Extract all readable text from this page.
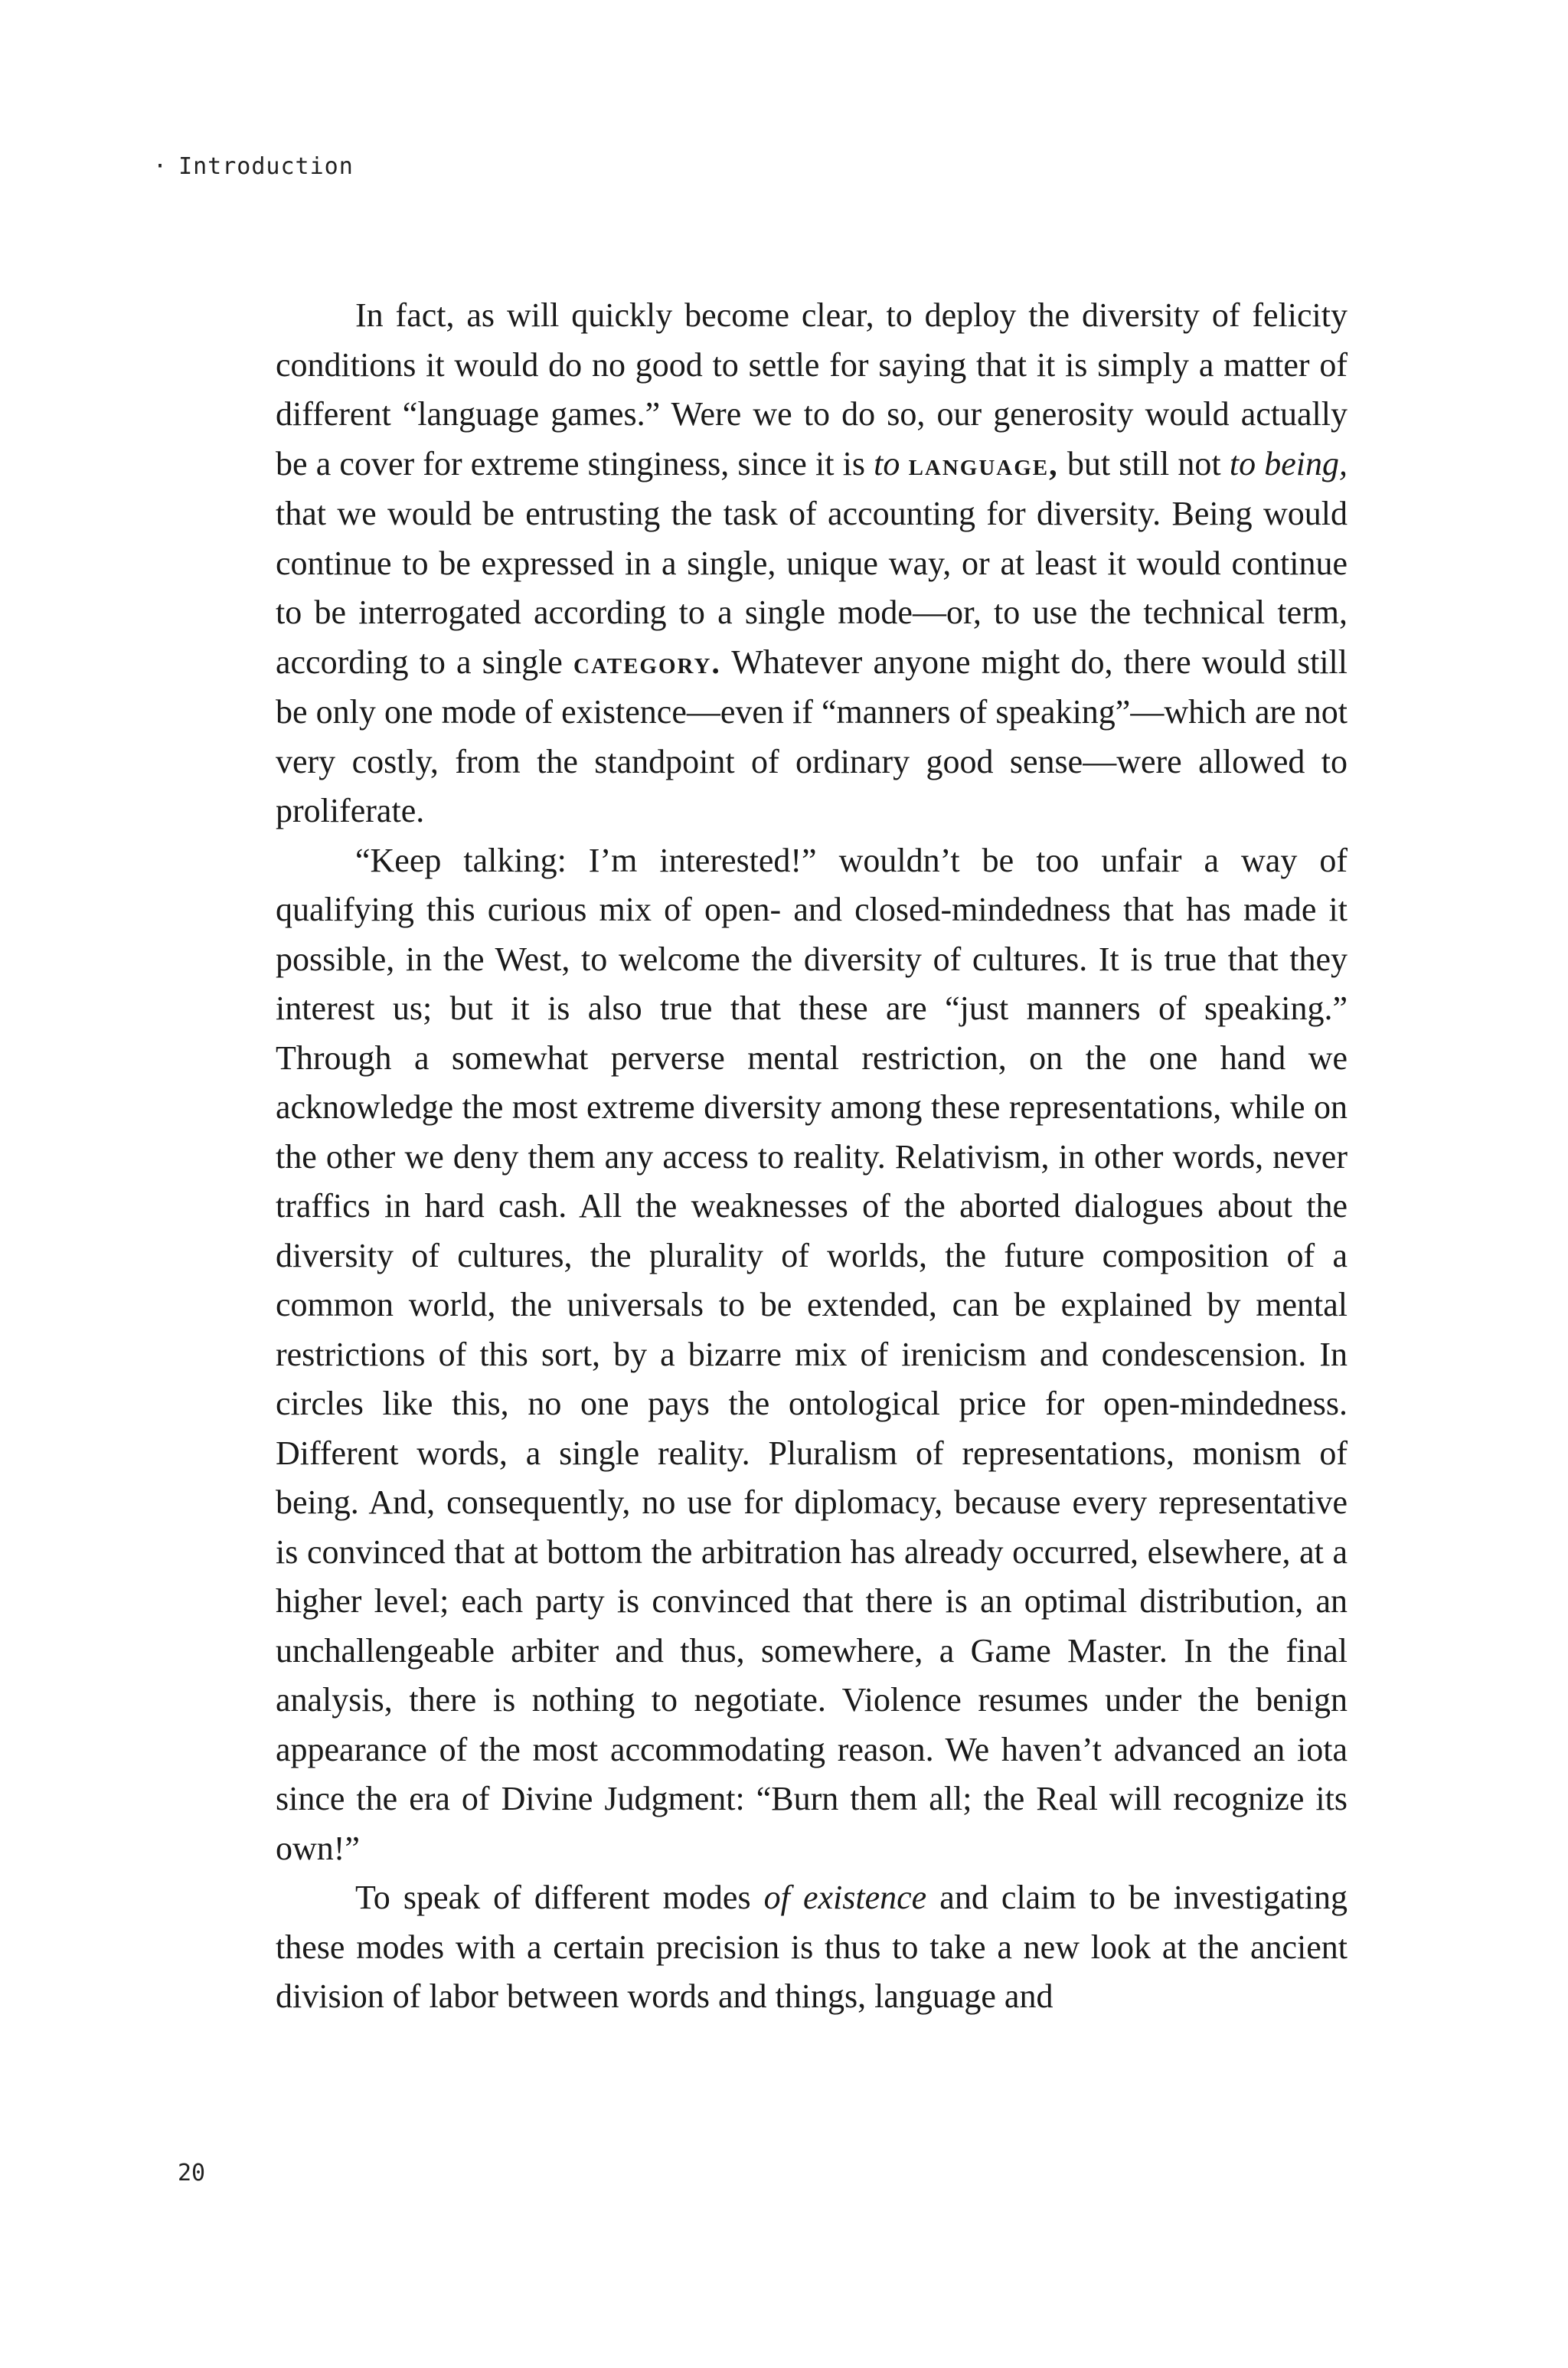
· Introduction

In fact, as will quickly become clear, to deploy the diversity of felicity conditions it would do no good to settle for saying that it is simply a matter of different “language games.” Were we to do so, our generosity would actually be a cover for extreme stinginess, since it is to language, but still not to being, that we would be entrusting the task of accounting for diversity. Being would continue to be expressed in a single, unique way, or at least it would continue to be interrogated according to a single mode—or, to use the technical term, according to a single category. Whatever anyone might do, there would still be only one mode of existence—even if “manners of speaking”—which are not very costly, from the standpoint of ordinary good sense—were allowed to proliferate.

“Keep talking: I’m interested!” wouldn’t be too unfair a way of qualifying this curious mix of open- and closed-mindedness that has made it possible, in the West, to welcome the diversity of cultures. It is true that they interest us; but it is also true that these are “just manners of speaking.” Through a somewhat perverse mental restriction, on the one hand we acknowledge the most extreme diversity among these representations, while on the other we deny them any access to reality. Relativism, in other words, never traffics in hard cash. All the weaknesses of the aborted dialogues about the diversity of cultures, the plurality of worlds, the future composition of a common world, the universals to be extended, can be explained by mental restrictions of this sort, by a bizarre mix of irenicism and condescension. In circles like this, no one pays the ontological price for open-mindedness. Different words, a single reality. Pluralism of representations, monism of being. And, consequently, no use for diplomacy, because every representative is convinced that at bottom the arbitration has already occurred, elsewhere, at a higher level; each party is convinced that there is an optimal distribution, an unchallengeable arbiter and thus, somewhere, a Game Master. In the final analysis, there is nothing to negotiate. Violence resumes under the benign appearance of the most accommodating reason. We haven’t advanced an iota since the era of Divine Judgment: “Burn them all; the Real will recognize its own!”

To speak of different modes of existence and claim to be investigating these modes with a certain precision is thus to take a new look at the ancient division of labor between words and things, language and

20
